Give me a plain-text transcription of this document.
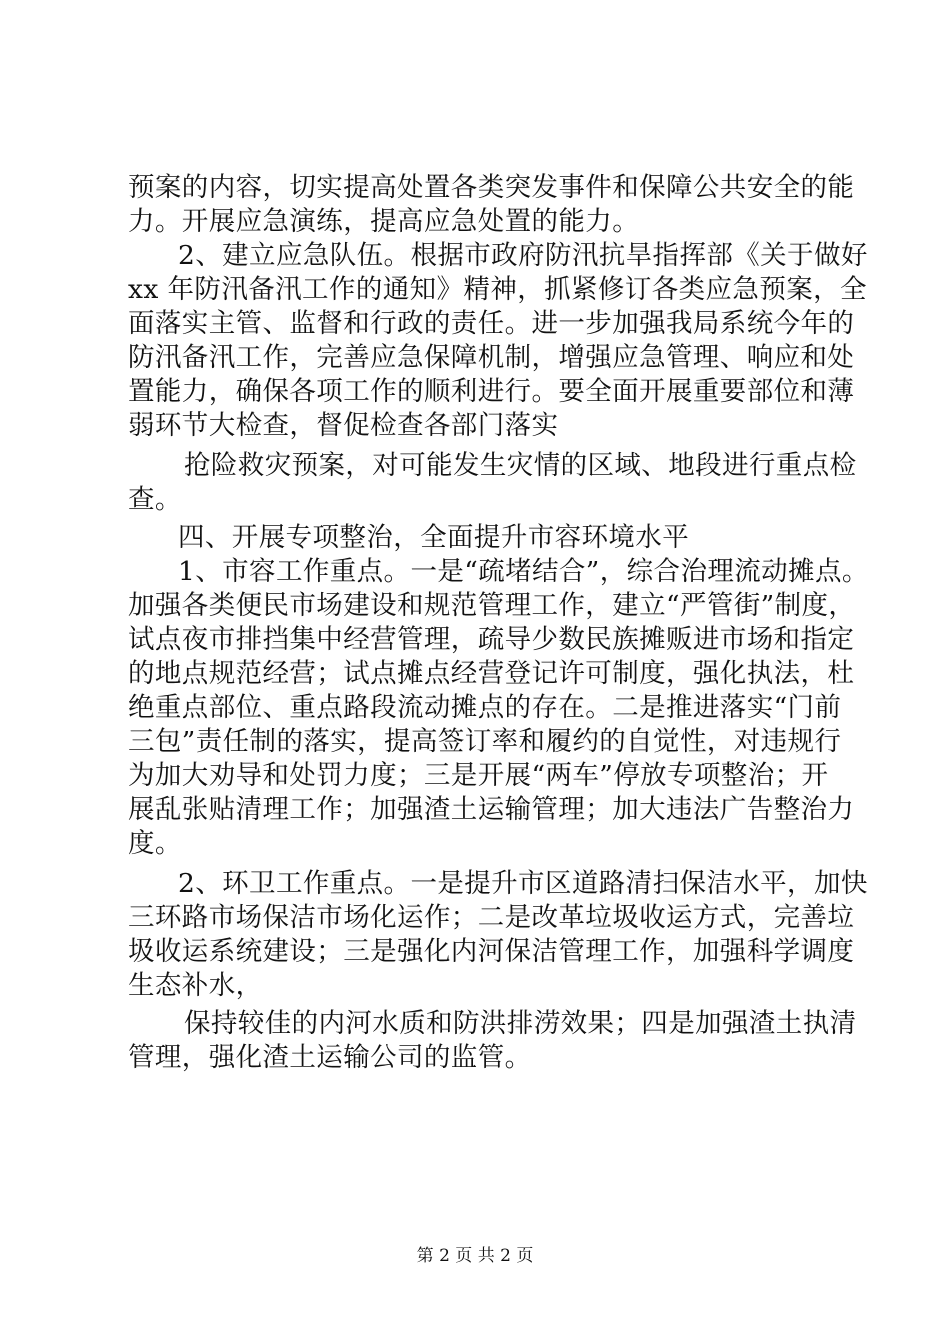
预案的内容，切实提高处置各类突发事件和保障公共安全的能
力。开展应急演练，提高应急处置的能力。
2、建立应急队伍。根据市政府防汛抗旱指挥部《关于做好
xx 年防汛备汛工作的通知》精神，抓紧修订各类应急预案，全
面落实主管、监督和行政的责任。进一步加强我局系统今年的
防汛备汛工作，完善应急保障机制，增强应急管理、响应和处
置能力，确保各项工作的顺利进行。要全面开展重要部位和薄
弱环节大检查，督促检查各部门落实
抢险救灾预案，对可能发生灾情的区域、地段进行重点检
查。
四、开展专项整治，全面提升市容环境水平
1、市容工作重点。一是“疏堵结合”，综合治理流动摊点。
加强各类便民市场建设和规范管理工作，建立“严管街”制度，
试点夜市排挡集中经营管理，疏导少数民族摊贩进市场和指定
的地点规范经营；试点摊点经营登记许可制度，强化执法，杜
绝重点部位、重点路段流动摊点的存在。二是推进落实“门前
三包”责任制的落实，提高签订率和履约的自觉性，对违规行
为加大劝导和处罚力度；三是开展“两车”停放专项整治；开
展乱张贴清理工作；加强渣土运输管理；加大违法广告整治力
度。
2、环卫工作重点。一是提升市区道路清扫保洁水平，加快
三环路市场保洁市场化运作；二是改革垃圾收运方式，完善垃
圾收运系统建设；三是强化内河保洁管理工作，加强科学调度
生态补水，
保持较佳的内河水质和防洪排涝效果；四是加强渣土执清
管理，强化渣土运输公司的监管。
第 2 页 共 2 页
